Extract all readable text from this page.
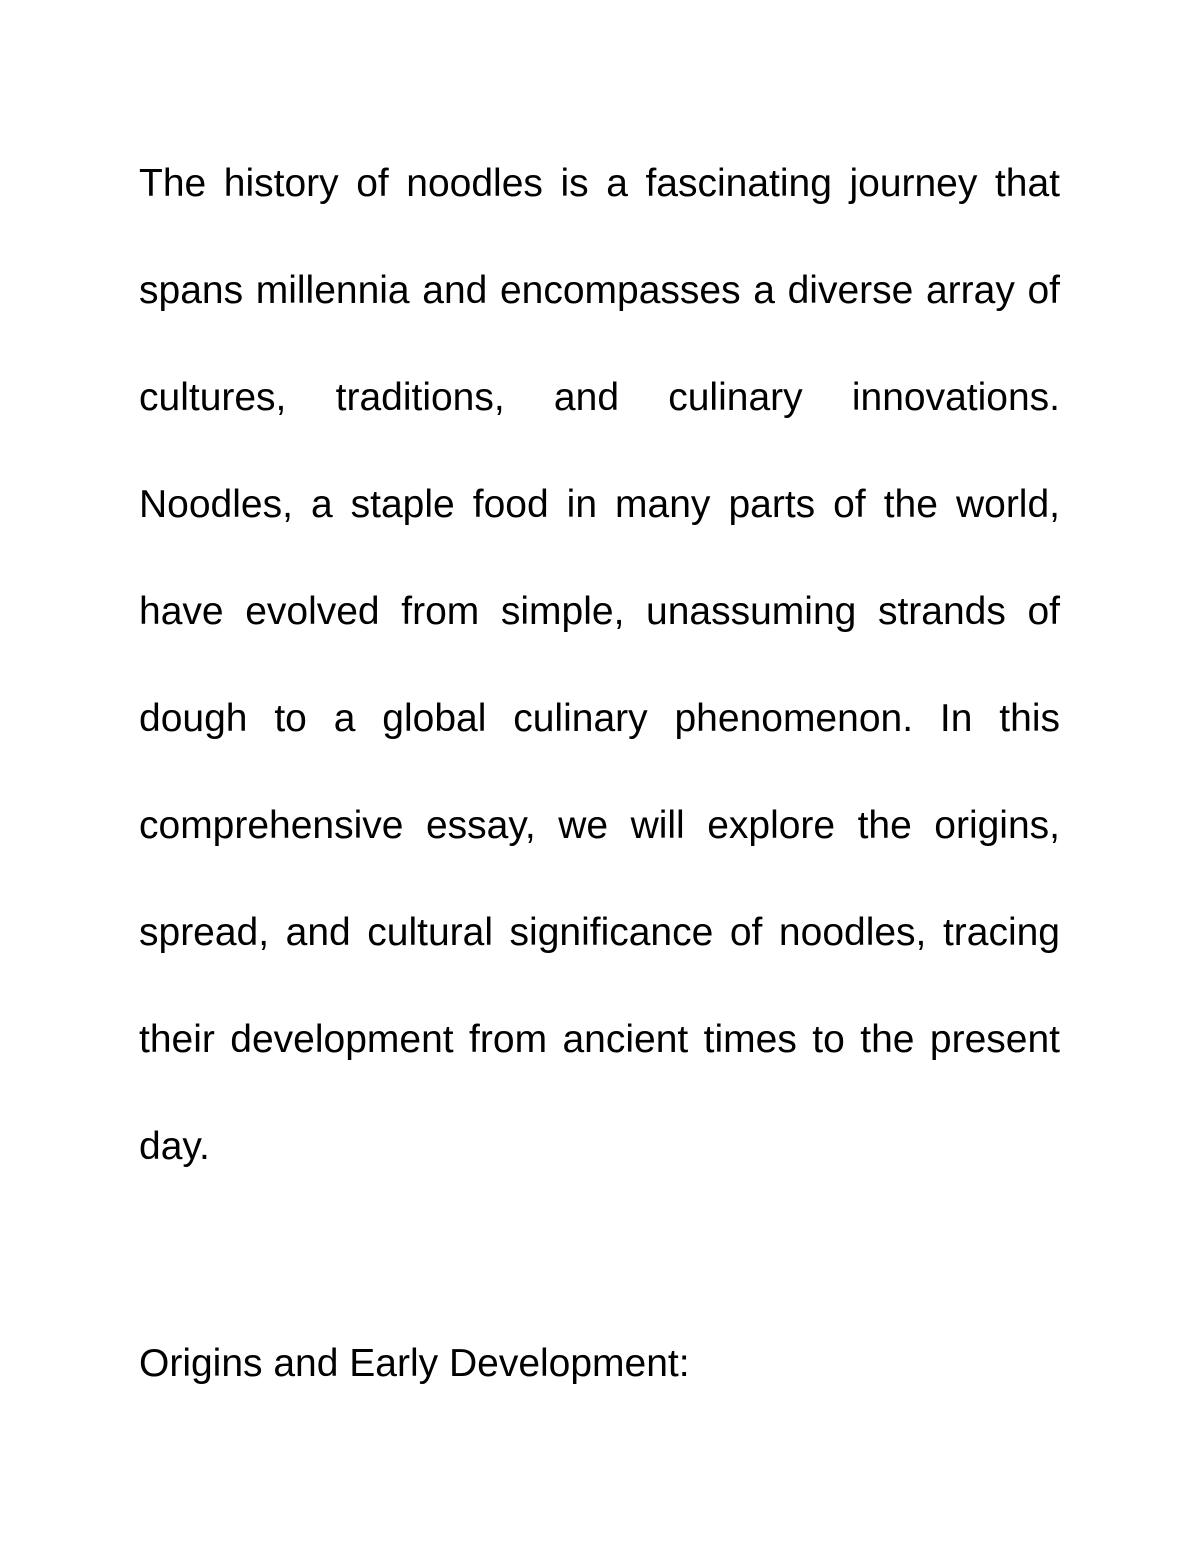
The history of noodles is a fascinating journey that spans millennia and encompasses a diverse array of cultures, traditions, and culinary innovations. Noodles, a staple food in many parts of the world, have evolved from simple, unassuming strands of dough to a global culinary phenomenon. In this comprehensive essay, we will explore the origins, spread, and cultural significance of noodles, tracing their development from ancient times to the present day.

Origins and Early Development:
